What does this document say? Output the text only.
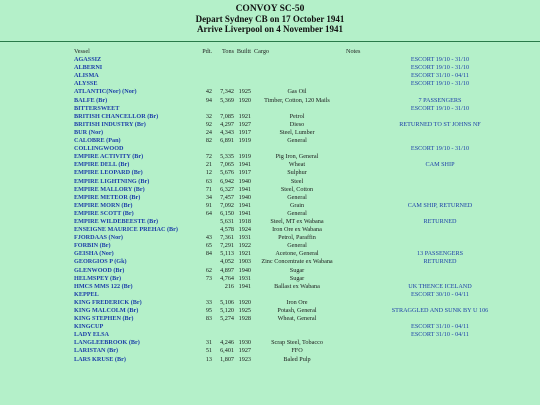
CONVOY SC-50
Depart Sydney CB on 17 October 1941
Arrive Liverpool on 4 November 1941
Vessel	Pdt.	Tons	Builtt	Cargo	Notes
AGASSIZ					ESCORT 19/10 - 31/10
ALBERNI					ESCORT 19/10 - 31/10
ALISMA					ESCORT 31/10 - 04/11
ALYSSE					ESCORT 19/10 - 31/10
ATLANTIC(Nor) (Nor)	42	7,342	1925	Gas Oil	
BALFE (Br)	94	5,369	1920	Timber, Cotton, 120 Mails	7 PASSENGERS
BITTERSWEET					ESCORT 19/10 - 31/10
BRITISH CHANCELLOR (Br)	32	7,085	1921	Petrol	
BRITISH INDUSTRY (Br)	92	4,297	1927	Dieso	RETURNED TO ST JOHNS NF
BUR (Nor)	24	4,343	1917	Steel, Lumber	
CALOBRE (Pan)	82	6,891	1919	General	
COLLINGWOOD					ESCORT 19/10 - 31/10
EMPIRE ACTIVITY (Br)	72	5,335	1919	Pig Iron, General	
EMPIRE DELL (Br)	21	7,065	1941	Wheat	CAM SHIP
EMPIRE LEOPARD (Br)	12	5,676	1917	Sulphur	
EMPIRE LIGHTNING (Br)	63	6,942	1940	Steel	
EMPIRE MALLORY (Br)	71	6,327	1941	Steel, Cotton	
EMPIRE METEOR (Br)	34	7,457	1940	General	
EMPIRE MORN (Br)	91	7,092	1941	Grain	CAM SHIP, RETURNED
EMPIRE SCOTT (Br)	64	6,150	1941	General	
EMPIRE WILDEBEESTE (Br)		5,631	1918	Steel, MT ex Wabana	RETURNED
ENSEIGNE MAURICE PREHAC (Br)		4,578	1924	Iron Ore ex Wabana	
FJORDAAS (Nor)	43	7,361	1931	Petrol, Paraffin	
FORBIN (Br)	65	7,291	1922	General	
GEISHA (Nor)	84	5,113	1921	Acetone, General	13 PASSENGERS
GEORGIOS P (Gk)		4,052	1903	Zinc Concentrate ex Wabana	RETURNED
GLENWOOD (Br)	62	4,897	1940	Sugar	
HELMSPEY (Br)	73	4,764	1931	Sugar	
HMCS MMS 122 (Br)		216	1941	Ballast ex Wabana	UK THENCE ICELAND
KEPPEL					ESCORT 30/10 - 04/11
KING FREDERICK (Br)	33	5,106	1920	Iron Ore	
KING MALCOLM (Br)	95	5,120	1925	Potash, General	STRAGGLED AND SUNK BY U 106
KING STEPHEN (Br)	83	5,274	1928	Wheat, General	
KINGCUP					ESCORT 31/10 - 04/11
LADY ELSA					ESCORT 31/10 - 04/11
LANGLEEBROOK (Br)	31	4,246	1930	Scrap Steel, Tobacco	
LARISTAN (Br)	51	6,401	1927	FFO	
LARS KRUSE (Br)	13	1,807	1923	Baled Pulp	
